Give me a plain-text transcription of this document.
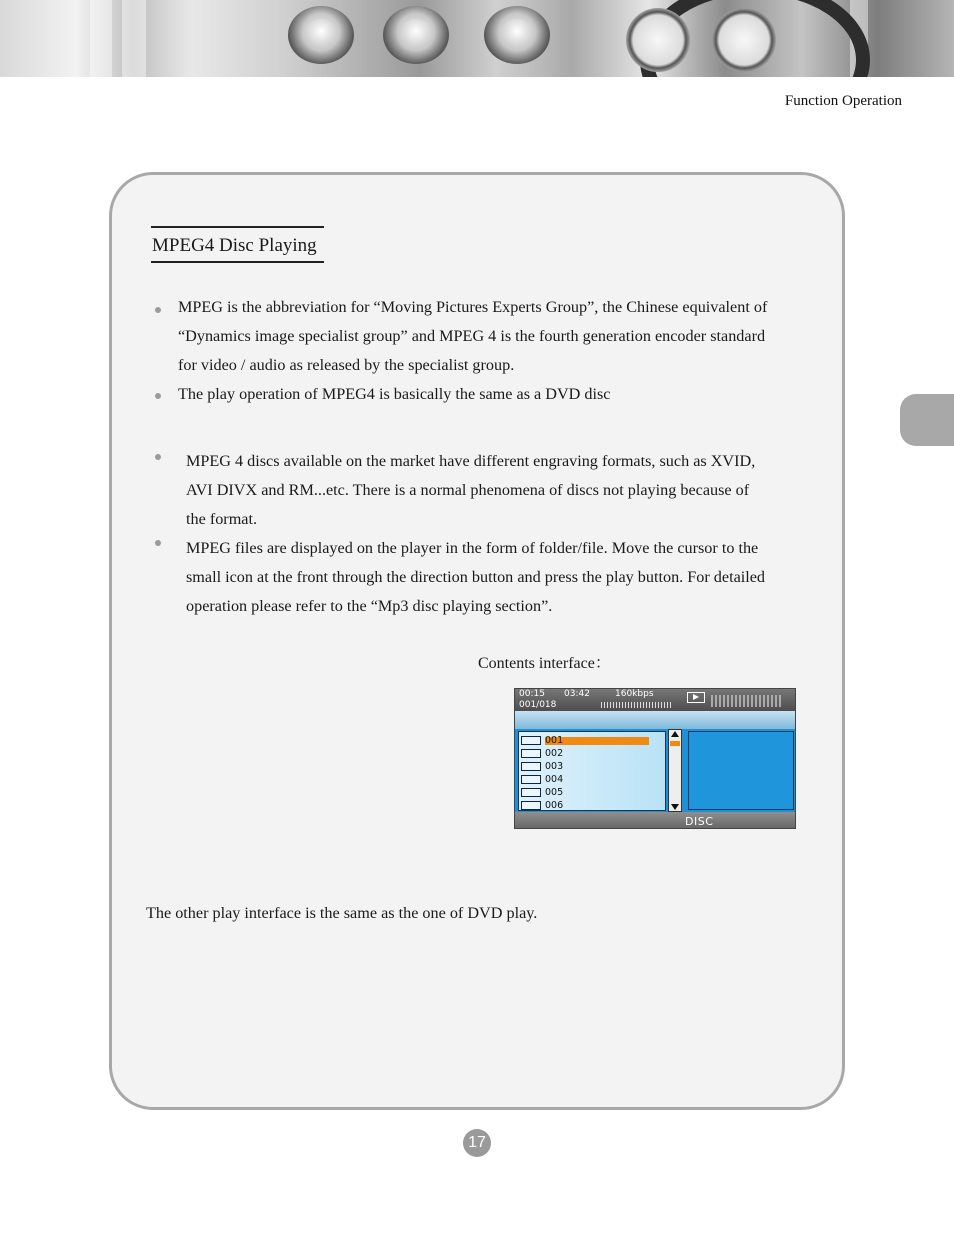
Function Operation
MPEG4 Disc Playing
MPEG is the abbreviation for “Moving Pictures Experts Group”, the Chinese equivalent of
“Dynamics image specialist group” and MPEG 4 is the fourth generation encoder standard
for video / audio as released by the specialist group.
The play operation of MPEG4 is basically the same as a DVD disc
MPEG 4 discs available on the market have different engraving formats, such as XVID,
AVI DIVX and RM...etc. There is a normal phenomena of discs not playing because of
the format.
MPEG files are displayed on the player in the form of folder/file. Move the cursor to the
small icon at the front through the direction button and press the play button. For detailed
operation please refer to the “Mp3 disc playing section”.
Contents interface：
00:15 03:42	160kbps
001/018
001
002
003
004
005
006
DISC
The other play interface is the same as the one of DVD play.
17
